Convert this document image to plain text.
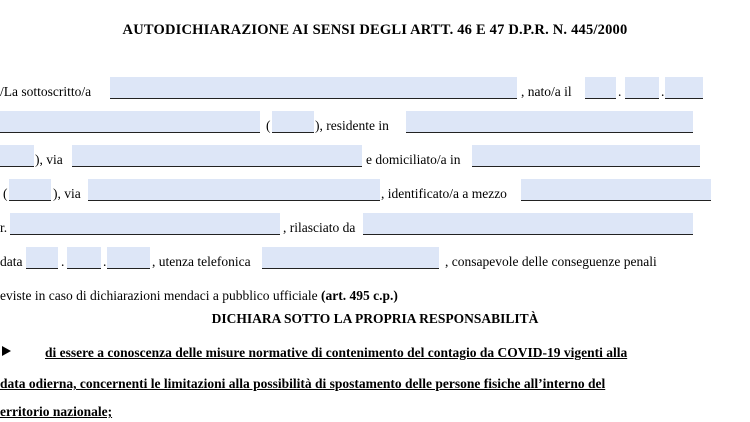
AUTODICHIARAZIONE AI SENSI DEGLI ARTT. 46 E 47 D.P.R. N. 445/2000
/La sottoscritto/a	, nato/a il	.	.
(	), residente in
), via	e domiciliato/a in
(	), via	, identificato/a a mezzo
r.	, rilasciato da
data	.	.	, utenza telefonica	, consapevole delle conseguenze penali
eviste in caso di dichiarazioni mendaci a pubblico ufficiale (art. 495 c.p.)
DICHIARA SOTTO LA PROPRIA RESPONSABILITÀ
di essere a conoscenza delle misure normative di contenimento del contagio da COVID-19 vigenti alla
data odierna, concernenti le limitazioni alla possibilità di spostamento delle persone fisiche all’interno del
erritorio nazionale;
